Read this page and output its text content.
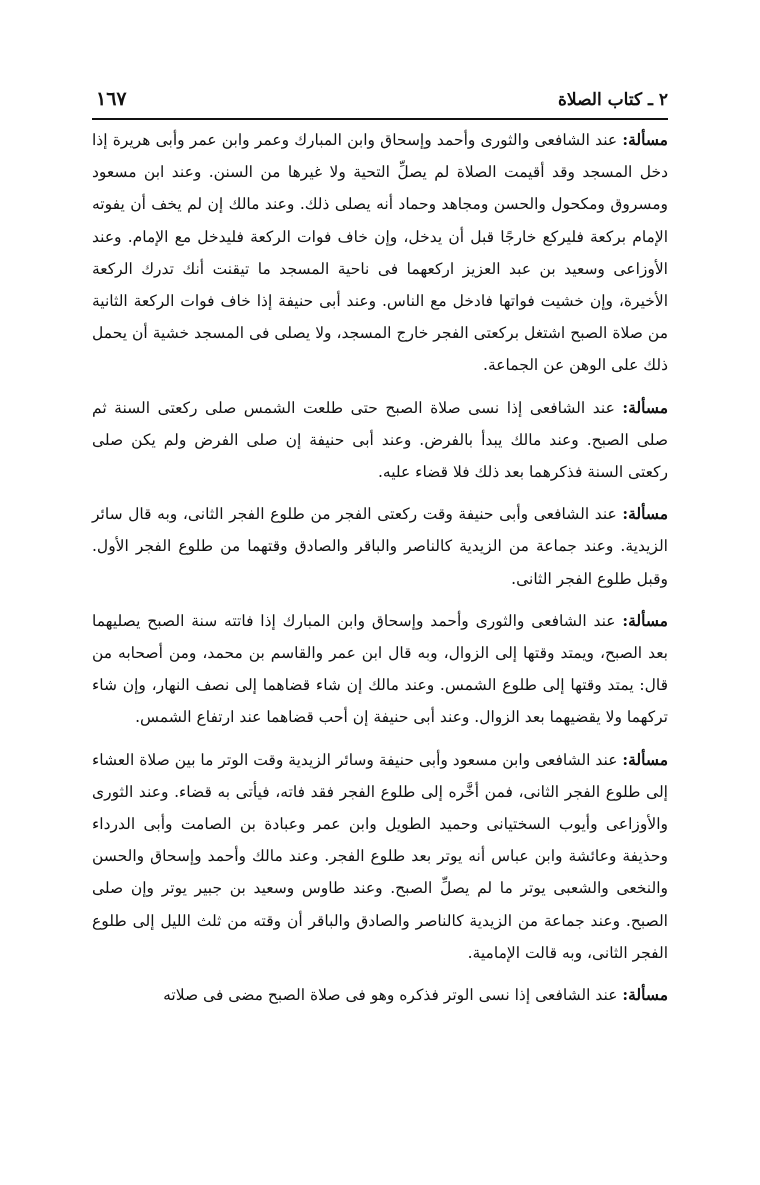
٢ ـ كتاب الصلاة
١٦٧

مسألة: عند الشافعى والثورى وأحمد وإسحاق وابن المبارك وعمر وابن عمر وأبى هريرة إذا دخل المسجد وقد أقيمت الصلاة لم يصلِّ التحية ولا غيرها من السنن. وعند ابن مسعود ومسروق ومكحول والحسن ومجاهد وحماد أنه يصلى ذلك. وعند مالك إن لم يخف أن يفوته الإمام بركعة فليركع خارجًا قبل أن يدخل، وإن خاف فوات الركعة فليدخل مع الإمام. وعند الأوزاعى وسعيد بن عبد العزيز اركعهما فى ناحية المسجد ما تيقنت أنك تدرك الركعة الأخيرة، وإن خشيت فواتها فادخل مع الناس. وعند أبى حنيفة إذا خاف فوات الركعة الثانية من صلاة الصبح اشتغل بركعتى الفجر خارج المسجد، ولا يصلى فى المسجد خشية أن يحمل ذلك على الوهن عن الجماعة.

مسألة: عند الشافعى إذا نسى صلاة الصبح حتى طلعت الشمس صلى ركعتى السنة ثم صلى الصبح. وعند مالك يبدأ بالفرض. وعند أبى حنيفة إن صلى الفرض ولم يكن صلى ركعتى السنة فذكرهما بعد ذلك فلا قضاء عليه.

مسألة: عند الشافعى وأبى حنيفة وقت ركعتى الفجر من طلوع الفجر الثانى، وبه قال سائر الزيدية. وعند جماعة من الزيدية كالناصر والباقر والصادق وقتهما من طلوع الفجر الأول. وقبل طلوع الفجر الثانى.

مسألة: عند الشافعى والثورى وأحمد وإسحاق وابن المبارك إذا فاتته سنة الصبح يصليهما بعد الصبح، ويمتد وقتها إلى الزوال، وبه قال ابن عمر والقاسم بن محمد، ومن أصحابه من قال: يمتد وقتها إلى طلوع الشمس. وعند مالك إن شاء قضاهما إلى نصف النهار، وإن شاء تركهما ولا يقضيهما بعد الزوال. وعند أبى حنيفة إن أحب قضاهما عند ارتفاع الشمس.

مسألة: عند الشافعى وابن مسعود وأبى حنيفة وسائر الزيدية وقت الوتر ما بين صلاة العشاء إلى طلوع الفجر الثانى، فمن أخَّره إلى طلوع الفجر فقد فاته، فيأتى به قضاء. وعند الثورى والأوزاعى وأيوب السختيانى وحميد الطويل وابن عمر وعبادة بن الصامت وأبى الدرداء وحذيفة وعائشة وابن عباس أنه يوتر بعد طلوع الفجر. وعند مالك وأحمد وإسحاق والحسن والنخعى والشعبى يوتر ما لم يصلِّ الصبح. وعند طاوس وسعيد بن جبير يوتر وإن صلى الصبح. وعند جماعة من الزيدية كالناصر والصادق والباقر أن وقته من ثلث الليل إلى طلوع الفجر الثانى، وبه قالت الإمامية.

مسألة: عند الشافعى إذا نسى الوتر فذكره وهو فى صلاة الصبح مضى فى صلاته
